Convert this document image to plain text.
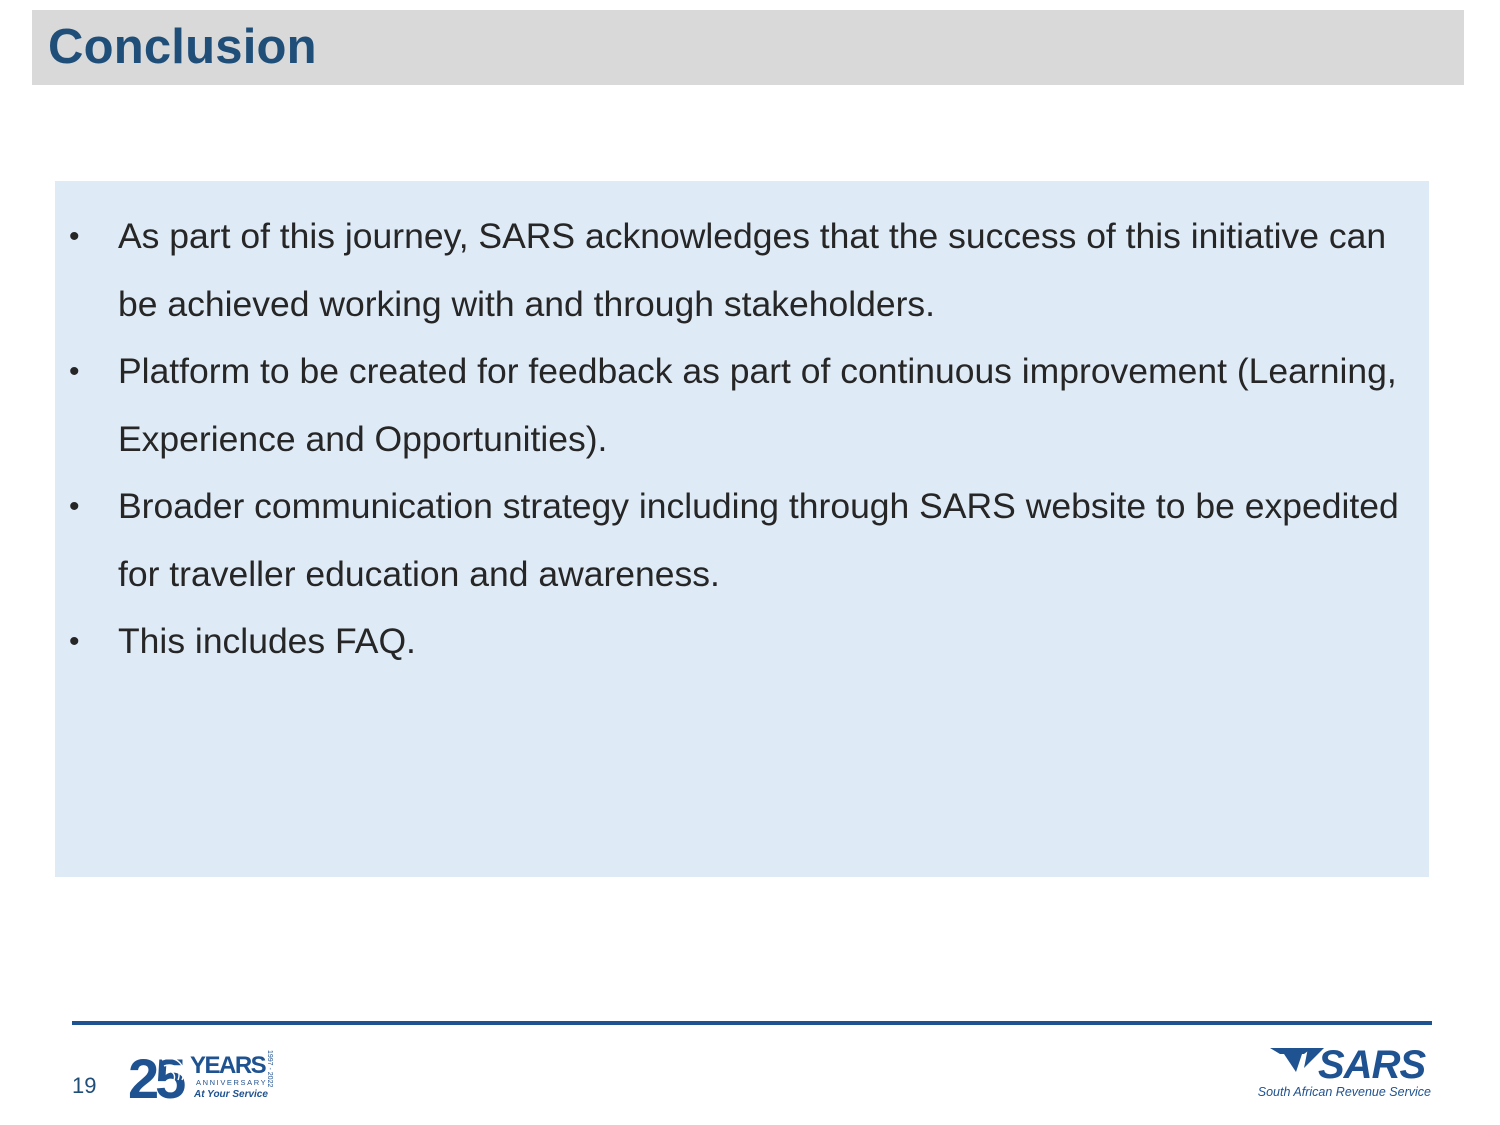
Conclusion
• As part of this journey, SARS acknowledges that the success of this initiative can be achieved working with and through stakeholders.
• Platform to be created for feedback as part of continuous improvement (Learning, Experience and Opportunities).
• Broader communication strategy including through SARS website to be expedited for traveller education and awareness.
• This includes FAQ.
19 25 YEARS
ANNIVERSARY
At Your Service
1997 - 2022	SARS
South African Revenue Service
